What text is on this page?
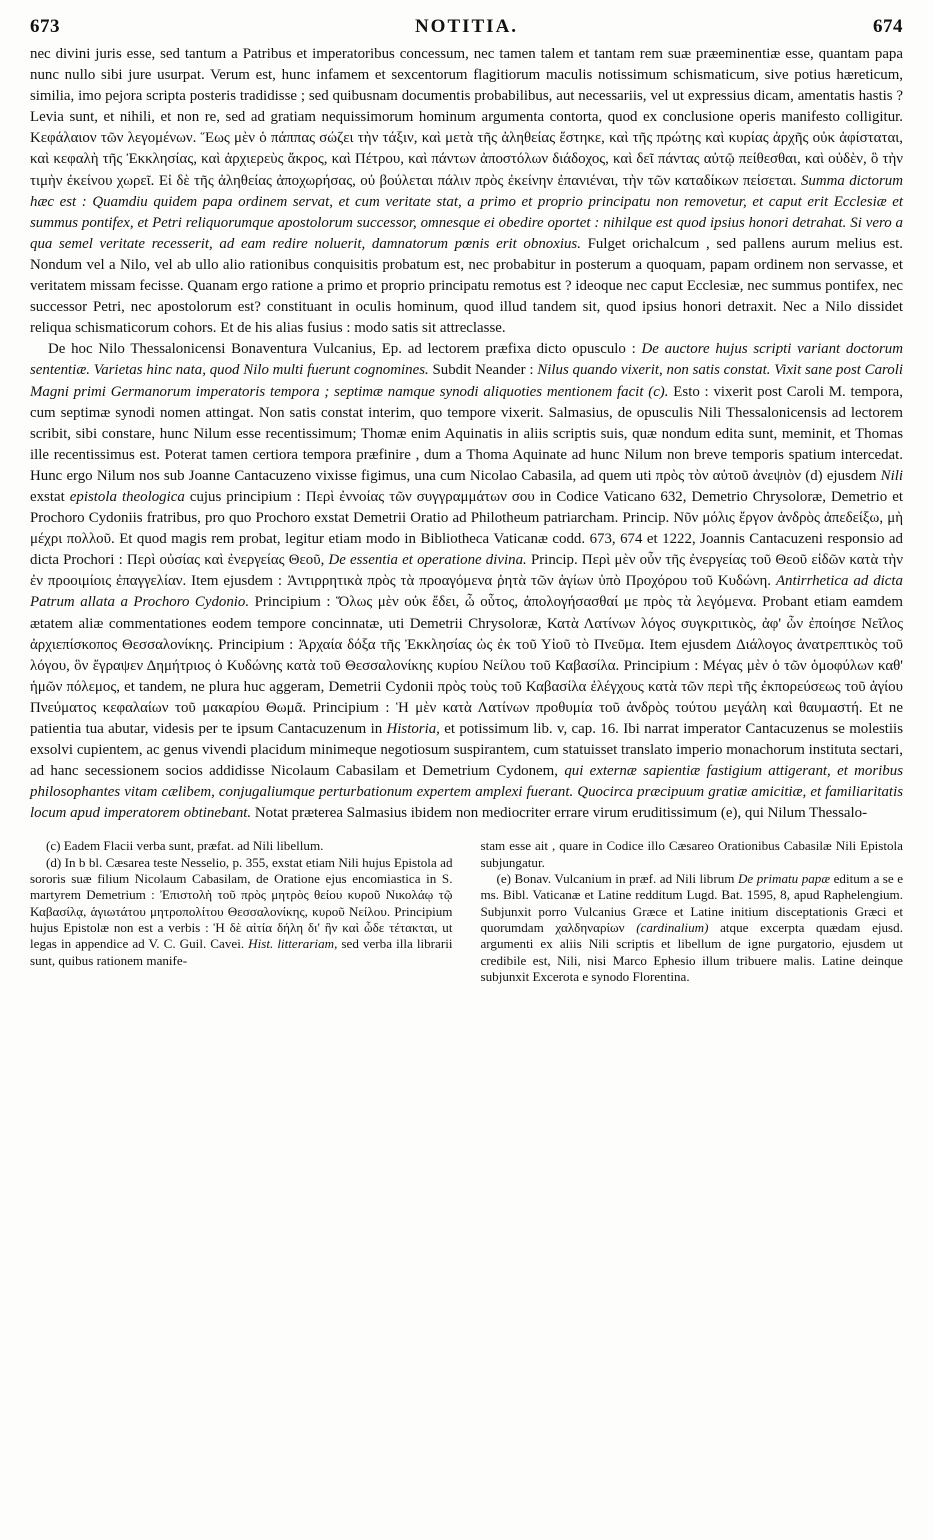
673	NOTITIA.	674

nec divini juris esse, sed tantum a Patribus et imperatoribus concessum, nec tamen talem et tantam rem suæ præeminentiæ esse, quantam papa nunc nullo sibi jure usurpat. Verum est, hunc infamem et sexcentorum flagitiorum maculis notissimum schismaticum, sive potius hæreticum, similia, imo pejora scripta posteris tradidisse ; sed quibusnam documentis probabilibus, aut necessariis, vel ut expressius dicam, amentatis hastis ? Levia sunt, et nihili, et non re, sed ad gratiam nequissimorum hominum argumenta contorta, quod ex conclusione operis manifesto colligitur. Κεφάλαιον τῶν λεγομένων. Ἕως μὲν ὁ πάππας σώζει τὴν τάξιν, καὶ μετὰ τῆς ἀληθείας ἕστηκε, καὶ τῆς πρώτης καὶ κυρίας ἀρχῆς οὐκ ἀφίσταται, καὶ κεφαλὴ τῆς Ἐκκλησίας, καὶ ἀρχιερεὺς ἄκρος, καὶ Πέτρου, καὶ πάντων ἀποστόλων διάδοχος, καὶ δεῖ πάντας αὐτῷ πείθεσθαι, καὶ οὐδὲν, ὃ τὴν τιμὴν ἐκείνου χωρεῖ. Εἰ δὲ τῆς ἀληθείας ἀποχωρήσας, οὐ βούλεται πάλιν πρὸς ἐκείνην ἐπανιέναι, τὴν τῶν καταδίκων πείσεται. Summa dictorum hæc est : Quamdiu quidem papa ordinem servat, et cum veritate stat, a primo et proprio principatu non removetur, et caput erit Ecclesiæ et summus pontifex, et Petri reliquorumque apostolorum successor, omnesque ei obedire oportet : nihilque est quod ipsius honori detrahat. Si vero a qua semel veritate recesserit, ad eam redire noluerit, damnatorum pœnis erit obnoxius. Fulget orichalcum , sed pallens aurum melius est. Nondum vel a Nilo, vel ab ullo alio rationibus conquisitis probatum est, nec probabitur in posterum a quoquam, papam ordinem non servasse, et veritatem missam fecisse. Quanam ergo ratione a primo et proprio principatu remotus est ? ideoque nec caput Ecclesiæ, nec summus pontifex, nec successor Petri, nec apostolorum est? constituant in oculis hominum, quod illud tandem sit, quod ipsius honori detraxit. Nec a Nilo dissidet reliqua schismaticorum cohors. Et de his alias fusius : modo satis sit attreclasse.

De hoc Nilo Thessalonicensi Bonaventura Vulcanius, Ep. ad lectorem præfixa dicto opusculo : De auctore hujus scripti variant doctorum sententiæ. Varietas hinc nata, quod Nilo multi fuerunt cognomines. Subdit Neander : Nilus quando vixerit, non satis constat. Vixit sane post Caroli Magni primi Germanorum imperatoris tempora ; septimæ namque synodi aliquoties mentionem facit (c). Esto : vixerit post Caroli M. tempora, cum septimæ synodi nomen attingat. Non satis constat interim, quo tempore vixerit. Salmasius, de opusculis Nili Thessalonicensis ad lectorem scribit, sibi constare, hunc Nilum esse recentissimum; Thomæ enim Aquinatis in aliis scriptis suis, quæ nondum edita sunt, meminit, et Thomas ille recentissimus est. Poterat tamen certiora tempora præfinire , dum a Thoma Aquinate ad hunc Nilum non breve temporis spatium intercedat. Hunc ergo Nilum nos sub Joanne Cantacuzeno vixisse figimus, una cum Nicolao Cabasila, ad quem uti πρὸς τὸν αὐτοῦ ἀνεψιὸν (d) ejusdem Nili exstat epistola theologica cujus principium : Περὶ ἐννοίας τῶν συγγραμμάτων σου in Codice Vaticano 632, Demetrio Chrysoloræ, Demetrio et Prochoro Cydoniis fratribus, pro quo Prochoro exstat Demetrii Oratio ad Philotheum patriarcham. Princip. Νῦν μόλις ἔργον ἀνδρὸς ἀπεδείξω, μὴ μέχρι πολλοῦ. Et quod magis rem probat, legitur etiam modo in Bibliotheca Vaticanæ codd. 673, 674 et 1222, Joannis Cantacuzeni responsio ad dicta Prochori : Περὶ οὐσίας καὶ ἐνεργείας Θεοῦ, De essentia et operatione divina. Princip. Περὶ μὲν οὖν τῆς ἐνεργείας τοῦ Θεοῦ εἰδῶν κατὰ τὴν ἐν προοιμίοις ἐπαγγελίαν. Item ejusdem : Ἀντιρρητικὰ πρὸς τὰ προαγόμενα ῥητὰ τῶν ἁγίων ὑπὸ Προχόρου τοῦ Κυδώνη. Antirrhetica ad dicta Patrum allata a Prochoro Cydonio. Principium : Ὅλως μὲν οὐκ ἔδει, ὦ οὗτος, ἀπολογήσασθαί με πρὸς τὰ λεγόμενα. Probant etiam eamdem ætatem aliæ commentationes eodem tempore concinnatæ, uti Demetrii Chrysoloræ, Κατὰ Λατίνων λόγος συγκριτικὸς, ἀφ' ὧν ἐποίησε Νεῖλος ἀρχιεπίσκοπος Θεσσαλονίκης. Principium : Ἀρχαία δόξα τῆς Ἐκκλησίας ὡς ἐκ τοῦ Υἱοῦ τὸ Πνεῦμα. Item ejusdem Διάλογος ἀνατρεπτικὸς τοῦ λόγου, ὃν ἔγραψεν Δημήτριος ὁ Κυδώνης κατὰ τοῦ Θεσσαλονίκης κυρίου Νείλου τοῦ Καβασίλα. Principium : Μέγας μὲν ὁ τῶν ὁμοφύλων καθ' ἡμῶν πόλεμος, et tandem, ne plura huc aggeram, Demetrii Cydonii πρὸς τοὺς τοῦ Καβασίλα ἐλέγχους κατὰ τῶν περὶ τῆς ἐκπορεύσεως τοῦ ἁγίου Πνεύματος κεφαλαίων τοῦ μακαρίου Θωμᾶ. Principium : Ἡ μὲν κατὰ Λατίνων προθυμία τοῦ ἀνδρὸς τούτου μεγάλη καὶ θαυμαστή. Et ne patientia tua abutar, videsis per te ipsum Cantacuzenum in Historia, et potissimum lib. v, cap. 16. Ibi narrat imperator Cantacuzenus se molestiis exsolvi cupientem, ac genus vivendi placidum minimeque negotiosum suspirantem, cum statuisset translato imperio monachorum instituta sectari, ad hanc secessionem socios addidisse Nicolaum Cabasilam et Demetrium Cydonem, qui externæ sapientiæ fastigium attigerant, et moribus philosophantes vitam cælibem, conjugaliumque perturbationum expertem amplexi fuerant. Quocirca præcipuum gratiæ amicitiæ, et familiaritatis locum apud imperatorem obtinebant. Notat præterea Salmasius ibidem non mediocriter errare virum eruditissimum (e), qui Nilum Thessalo-

(c) Eadem Flacii verba sunt, præfat. ad Nili libellum.

(d) In b bl. Cæsarea teste Nesselio, p. 355, exstat etiam Nili hujus Epistola ad sororis suæ filium Nicolaum Cabasilam, de Oratione ejus encomiastica in S. martyrem Demetrium : Ἐπιστολὴ τοῦ πρὸς μητρὸς θείου κυροῦ Νικολάῳ τῷ Καβασίλᾳ, ἁγιωτάτου μητροπολίτου Θεσσαλονίκης, κυροῦ Νείλου. Principium hujus Epistolæ non est a verbis : Ἡ δὲ αἰτία δήλη δι' ἣν καὶ ὧδε τέτακται, ut legas in appendice ad V. C. Guil. Cavei. Hist. litterariam, sed verba illa librarii sunt, quibus rationem manife-

stam esse ait , quare in Codice illo Cæsareo Orationibus Cabasilæ Nili Epistola subjungatur.

(e) Bonav. Vulcanium in præf. ad Nili librum De primatu papæ editum a se e ms. Bibl. Vaticanæ et Latine redditum Lugd. Bat. 1595, 8, apud Raphelengium. Subjunxit porro Vulcanius Græce et Latine initium disceptationis Græci et quorumdam χαλδηναρίων (cardinalium) atque excerpta quædam ejusd. argumenti ex aliis Nili scriptis et libellum de igne purgatorio, ejusdem ut credibile est, Nili, nisi Marco Ephesio illum tribuere malis. Latine deinque subjunxit Excerota e synodo Florentina.
